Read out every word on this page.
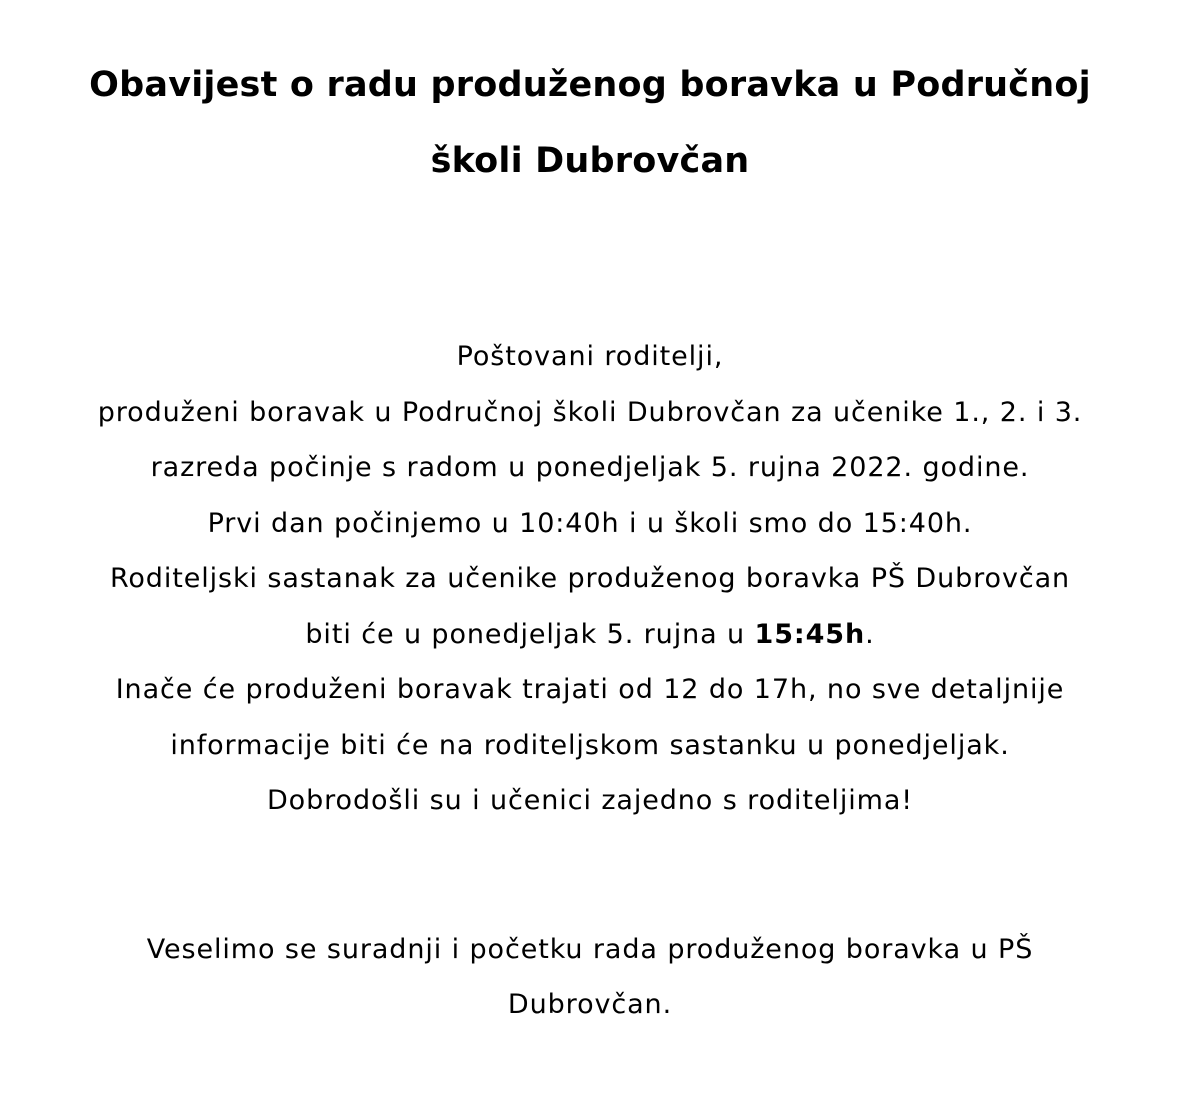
Obavijest o radu produženog boravka u Područnoj
školi Dubrovčan
Poštovani roditelji,
produženi boravak u Područnoj školi Dubrovčan za učenike 1., 2. i 3.
razreda počinje s radom u ponedjeljak 5. rujna 2022. godine.
Prvi dan počinjemo u 10:40h i u školi smo do 15:40h.
Roditeljski sastanak za učenike produženog boravka PŠ Dubrovčan
biti će u ponedjeljak 5. rujna u 15:45h.
Inače će produženi boravak trajati od 12 do 17h, no sve detaljnije
informacije biti će na roditeljskom sastanku u ponedjeljak.
Dobrodošli su i učenici zajedno s roditeljima!
Veselimo se suradnji i početku rada produženog boravka u PŠ
Dubrovčan.
